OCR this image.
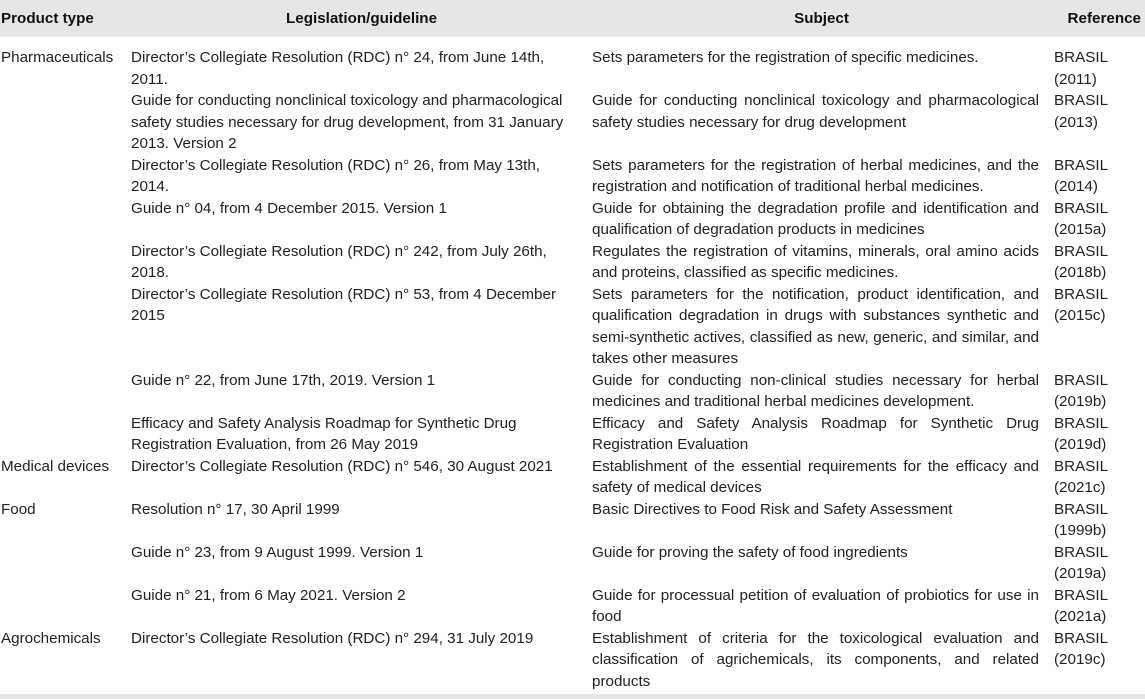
Product type	Legislation/guideline	Subject	Reference
Pharmaceuticals	Director’s Collegiate Resolution (RDC) n° 24, from June 14th, 2011.	Sets parameters for the registration of specific medicines.	BRASIL (2011)
	Guide for conducting nonclinical toxicology and pharmacological safety studies necessary for drug development, from 31 January 2013. Version 2	Guide for conducting nonclinical toxicology and pharmacological safety studies necessary for drug development	BRASIL (2013)
	Director’s Collegiate Resolution (RDC) n° 26, from May 13th, 2014.	Sets parameters for the registration of herbal medicines, and the registration and notification of traditional herbal medicines.	BRASIL (2014)
	Guide n° 04, from 4 December 2015. Version 1	Guide for obtaining the degradation profile and identification and qualification of degradation products in medicines	BRASIL (2015a)
	Director’s Collegiate Resolution (RDC) n° 242, from July 26th, 2018.	Regulates the registration of vitamins, minerals, oral amino acids and proteins, classified as specific medicines.	BRASIL (2018b)
	Director’s Collegiate Resolution (RDC) n° 53, from 4 December 2015	Sets parameters for the notification, product identification, and qualification degradation in drugs with substances synthetic and semi-synthetic actives, classified as new, generic, and similar, and takes other measures	BRASIL (2015c)
	Guide n° 22, from June 17th, 2019. Version 1	Guide for conducting non-clinical studies necessary for herbal medicines and traditional herbal medicines development.	BRASIL (2019b)
	Efficacy and Safety Analysis Roadmap for Synthetic Drug Registration Evaluation, from 26 May 2019	Efficacy and Safety Analysis Roadmap for Synthetic Drug Registration Evaluation	BRASIL (2019d)
Medical devices	Director’s Collegiate Resolution (RDC) n° 546, 30 August 2021	Establishment of the essential requirements for the efficacy and safety of medical devices	BRASIL (2021c)
Food	Resolution n° 17, 30 April 1999	Basic Directives to Food Risk and Safety Assessment	BRASIL (1999b)
	Guide n° 23, from 9 August 1999. Version 1	Guide for proving the safety of food ingredients	BRASIL (2019a)
	Guide n° 21, from 6 May 2021. Version 2	Guide for processual petition of evaluation of probiotics for use in food	BRASIL (2021a)
Agrochemicals	Director’s Collegiate Resolution (RDC) n° 294, 31 July 2019	Establishment of criteria for the toxicological evaluation and classification of agrichemicals, its components, and related products	BRASIL (2019c)
